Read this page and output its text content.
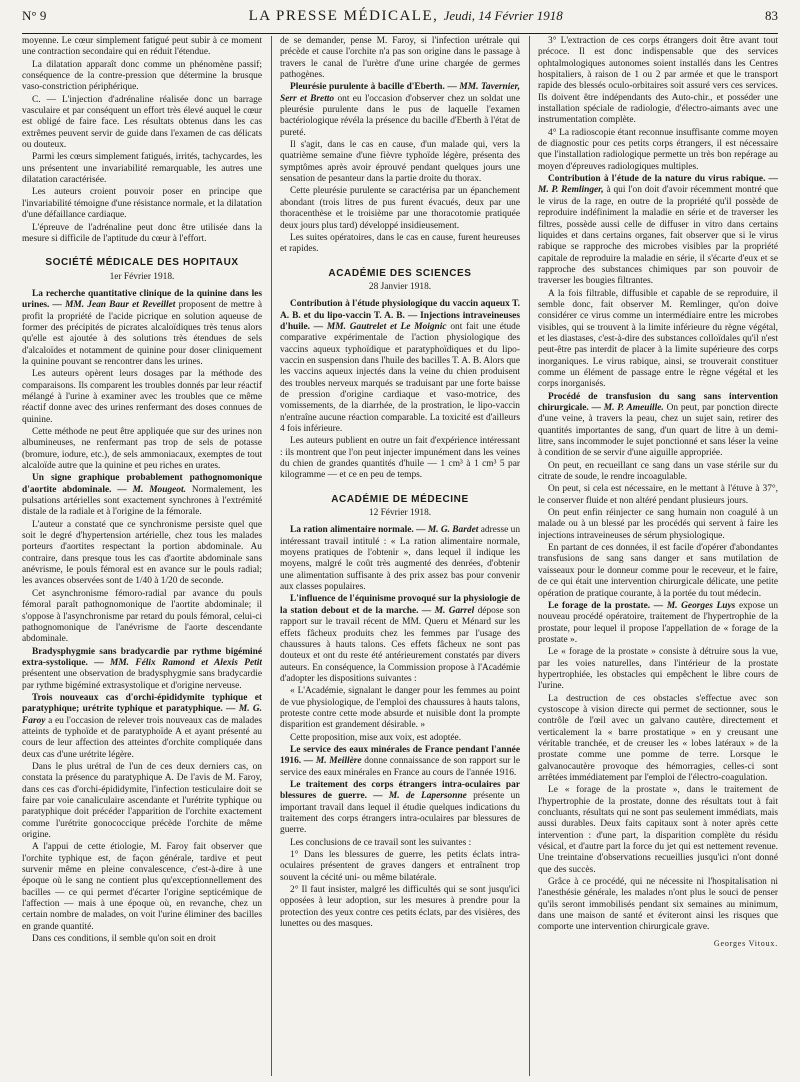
N° 9	LA PRESSE MÉDICALE, Jeudi, 14 Février 1918	83

moyenne. Le cœur simplement fatigué peut subir à ce moment une contraction secondaire qui en réduit l'étendue.

La dilatation apparaît donc comme un phénomène passif; conséquence de la contre-pression que détermine la brusque vaso-constriction périphérique.

C. — L'injection d'adrénaline réalisée donc un barrage vasculaire et par conséquent un effort très élevé auquel le cœur est obligé de faire face. Les résultats obtenus dans les cas extrêmes peuvent servir de guide dans l'examen de cas délicats ou douteux.

Parmi les cœurs simplement fatigués, irrités, tachycardes, les uns présentent une invariabilité remarquable, les autres une dilatation caractérisée.

Les auteurs croient pouvoir poser en principe que l'invariabilité témoigne d'une résistance normale, et la dilatation d'une défaillance cardiaque.

L'épreuve de l'adrénaline peut donc être utilisée dans la mesure si difficile de l'aptitude du cœur à l'effort.

SOCIÉTÉ MÉDICALE DES HOPITAUX
1er Février 1918.

La recherche quantitative clinique de la quinine dans les urines. — MM. Jean Baur et Reveillet proposent de mettre à profit la propriété de l'acide picrique en solution aqueuse de former des précipités de picrates alcaloïdiques très tenus alors qu'elle est ajoutée à des solutions très étendues de sels d'alcaloïdes et notamment de quinine pour doser cliniquement la quinine pouvant se rencontrer dans les urines.

Les auteurs opèrent leurs dosages par la méthode des comparaisons. Ils comparent les troubles donnés par leur réactif mélangé à l'urine à examiner avec les troubles que ce même réactif donne avec des urines renfermant des doses connues de quinine.

Cette méthode ne peut être appliquée que sur des urines non albumineuses, ne renfermant pas trop de sels de potasse (bromure, iodure, etc.), de sels ammoniacaux, exemptes de tout alcaloïde autre que la quinine et peu riches en urates.

Un signe graphique probablement pathognomonique d'aortite abdominale. — M. Mougeot. Normalement, les pulsations artérielles sont exactement synchrones à l'extrémité distale de la radiale et à l'origine de la fémorale.

L'auteur a constaté que ce synchronisme persiste quel que soit le degré d'hypertension artérielle, chez tous les malades porteurs d'aortites respectant la portion abdominale. Au contraire, dans presque tous les cas d'aortite abdominale sans anévrisme, le pouls fémoral est en avance sur le pouls radial; les avances observées sont de 1/40 à 1/20 de seconde.

Cet asynchronisme fémoro-radial par avance du pouls fémoral paraît pathognomonique de l'aortite abdominale; il s'oppose à l'asynchronisme par retard du pouls fémoral, celui-ci pathognomonique de l'anévrisme de l'aorte descendante abdominale.

Bradysphygmie sans bradycardie par rythme bigéminé extra-systolique. — MM. Félix Ramond et Alexis Petit présentent une observation de bradysphygmie sans bradycardie par rythme bigéminé extrasystolique et d'origine nerveuse.

Trois nouveaux cas d'orchi-épididymite typhique et paratyphique; urétrite typhique et paratyphique. — M. G. Faroy a eu l'occasion de relever trois nouveaux cas de malades atteints de typhoïde et de paratyphoïde A et ayant présenté au cours de leur affection des atteintes d'orchite compliquée dans deux cas d'une urétrite légère.

Dans le plus urétral de l'un de ces deux derniers cas, on constata la présence du paratyphique A. De l'avis de M. Faroy, dans ces cas d'orchi-épididymite, l'infection testiculaire doit se faire par voie canaliculaire ascendante et l'urétrite typhique ou paratyphique doit précéder l'apparition de l'orchite exactement comme l'urétrite gonococcique précède l'orchite de même origine.

A l'appui de cette étiologie, M. Faroy fait observer que l'orchite typhique est, de façon générale, tardive et peut survenir même en pleine convalescence, c'est-à-dire à une époque où le sang ne contient plus qu'exceptionnellement des bacilles — ce qui permet d'écarter l'origine septicémique de l'affection — mais à une époque où, en revanche, chez un certain nombre de malades, on voit l'urine éliminer des bacilles en grande quantité.

Dans ces conditions, il semble qu'on soit en droit

de se demander, pense M. Faroy, si l'infection urétrale qui précède et cause l'orchite n'a pas son origine dans le passage à travers le canal de l'urètre d'une urine chargée de germes pathogènes.

Pleurésie purulente à bacille d'Eberth. — MM. Tavernier, Serr et Bretto ont eu l'occasion d'observer chez un soldat une pleurésie purulente dans le pus de laquelle l'examen bactériologique révéla la présence du bacille d'Eberth à l'état de pureté.

Il s'agit, dans le cas en cause, d'un malade qui, vers la quatrième semaine d'une fièvre typhoïde légère, présenta des symptômes après avoir éprouvé pendant quelques jours une sensation de pesanteur dans la partie droite du thorax.

Cette pleurésie purulente se caractérisa par un épanchement abondant (trois litres de pus furent évacués, deux par une thoracenthèse et le troisième par une thoracotomie pratiquée deux jours plus tard) développé insidieusement.

Les suites opératoires, dans le cas en cause, furent heureuses et rapides.

ACADÉMIE DES SCIENCES
28 Janvier 1918.

Contribution à l'étude physiologique du vaccin aqueux T. A. B. et du lipo-vaccin T. A. B. — Injections intraveineuses d'huile. — MM. Gautrelet et Le Moignic ont fait une étude comparative expérimentale de l'action physiologique des vaccins aqueux typhoïdique et paratyphoïdiques et du lipo-vaccin en suspension dans l'huile des bacilles T. A. B. Alors que les vaccins aqueux injectés dans la veine du chien produisent des troubles nerveux marqués se traduisant par une forte baisse de pression d'origine cardiaque et vaso-motrice, des vomissements, de la diarrhée, de la prostration, le lipo-vaccin n'entraîne aucune réaction comparable. La toxicité est d'ailleurs 4 fois inférieure.

Les auteurs publient en outre un fait d'expérience intéressant : ils montrent que l'on peut injecter impunément dans les veines du chien de grandes quantités d'huile — 1 cm³ à 1 cm³ 5 par kilogramme — et ce en peu de temps.

ACADÉMIE DE MÉDECINE
12 Février 1918.

La ration alimentaire normale. — M. G. Bardet adresse un intéressant travail intitulé : « La ration alimentaire normale, moyens pratiques de l'obtenir », dans lequel il indique les moyens, malgré le coût très augmenté des denrées, d'obtenir une alimentation suffisante à des prix assez bas pour convenir aux classes populaires.

L'influence de l'équinisme provoqué sur la physiologie de la station debout et de la marche. — M. Garrel dépose son rapport sur le travail récent de MM. Queru et Ménard sur les effets fâcheux produits chez les femmes par l'usage des chaussures à hauts talons. Ces effets fâcheux ne sont pas douteux et ont du reste été antérieurement constatés par divers auteurs. En conséquence, la Commission propose à l'Académie d'adopter les dispositions suivantes :

« L'Académie, signalant le danger pour les femmes au point de vue physiologique, de l'emploi des chaussures à hauts talons, proteste contre cette mode absurde et nuisible dont la prompte disparition est grandement désirable. »

Cette proposition, mise aux voix, est adoptée.

Le service des eaux minérales de France pendant l'année 1916. — M. Meillère donne connaissance de son rapport sur le service des eaux minérales en France au cours de l'année 1916.

Le traitement des corps étrangers intra-oculaires par blessures de guerre. — M. de Lapersonne présente un important travail dans lequel il étudie quelques indications du traitement des corps étrangers intra-oculaires par blessures de guerre.

Les conclusions de ce travail sont les suivantes :

1° Dans les blessures de guerre, les petits éclats intra-oculaires présentent de graves dangers et entraînent trop souvent la cécité uni- ou même bilatérale.

2° Il faut insister, malgré les difficultés qui se sont jusqu'ici opposées à leur adoption, sur les mesures à prendre pour la protection des yeux contre ces petits éclats, par des visières, des lunettes ou des masques.

3° L'extraction de ces corps étrangers doit être avant tout précoce. Il est donc indispensable que des services ophtalmologiques autonomes soient installés dans les Centres hospitaliers, à raison de 1 ou 2 par armée et que le transport rapide des blessés oculo-orbitaires soit assuré vers ces services. Ils doivent être indépendants des Auto-chir., et posséder une installation spéciale de radiologie, d'électro-aimants avec une instrumentation complète.

4° La radioscopie étant reconnue insuffisante comme moyen de diagnostic pour ces petits corps étrangers, il est nécessaire que l'installation radiologique permette un très bon repérage au moyen d'épreuves radiologiques multiples.

Contribution à l'étude de la nature du virus rabique. — M. P. Remlinger, à qui l'on doit d'avoir récemment montré que le virus de la rage, en outre de la propriété qu'il possède de reproduire indéfiniment la maladie en série et de traverser les filtres, possède aussi celle de diffuser in vitro dans certains liquides et dans certains organes, fait observer que si le virus rabique se rapproche des microbes visibles par la propriété capitale de reproduire la maladie en série, il s'écarte d'eux et se rapproche des substances chimiques par son pouvoir de traverser les bougies filtrantes.

A la fois filtrable, diffusible et capable de se reproduire, il semble donc, fait observer M. Remlinger, qu'on doive considérer ce virus comme un intermédiaire entre les microbes visibles, qui se trouvent à la limite inférieure du règne végétal, et les diastases, c'est-à-dire des substances colloïdales qu'il n'est peut-être pas interdit de placer à la limite supérieure des corps inorganiques. Le virus rabique, ainsi, se trouverait constituer comme un élément de passage entre le règne végétal et les corps inorganisés.

Procédé de transfusion du sang sans intervention chirurgicale. — M. P. Ameuille. On peut, par ponction directe d'une veine, à travers la peau, chez un sujet sain, retirer des quantités importantes de sang, d'un quart de litre à un demi-litre, sans incommoder le sujet ponctionné et sans léser la veine à condition de se servir d'une aiguille appropriée.

On peut, en recueillant ce sang dans un vase stérile sur du citrate de soude, le rendre incoagulable.

On peut, si cela est nécessaire, en le mettant à l'étuve à 37°, le conserver fluide et non altéré pendant plusieurs jours.

On peut enfin réinjecter ce sang humain non coagulé à un malade ou à un blessé par les procédés qui servent à faire les injections intraveineuses de sérum physiologique.

En partant de ces données, il est facile d'opérer d'abondantes transfusions de sang sans danger et sans mutilation de vaisseaux pour le donneur comme pour le receveur, et le faire, de ce qui était une intervention chirurgicale délicate, une petite opération de pratique courante, à la portée du tout médecin.

Le forage de la prostate. — M. Georges Luys expose un nouveau procédé opératoire, traitement de l'hypertrophie de la prostate, pour lequel il propose l'appellation de « forage de la prostate ».

Le « forage de la prostate » consiste à détruire sous la vue, par les voies naturelles, dans l'intérieur de la prostate hypertrophiée, les obstacles qui empêchent le libre cours de l'urine.

La destruction de ces obstacles s'effectue avec son cystoscope à vision directe qui permet de sectionner, sous le contrôle de l'œil avec un galvano cautère, directement et verticalement la « barre prostatique » en y creusant une véritable tranchée, et de creuser les « lobes latéraux » de la prostate comme une pomme de terre. Lorsque le galvanocautère provoque des hémorragies, celles-ci sont arrêtées immédiatement par l'emploi de l'électro-coagulation.

Le « forage de la prostate », dans le traitement de l'hypertrophie de la prostate, donne des résultats tout à fait concluants, résultats qui ne sont pas seulement immédiats, mais aussi durables. Deux faits capitaux sont à noter après cette intervention : d'une part, la disparition complète du résidu vésical, et d'autre part la force du jet qui est nettement revenue. Une treintaine d'observations recueillies jusqu'ici n'ont donné que des succès.

Grâce à ce procédé, qui ne nécessite ni l'hospitalisation ni l'anesthésie générale, les malades n'ont plus le souci de penser qu'ils seront immobilisés pendant six semaines au minimum, dans une maison de santé et éviteront ainsi les risques que comporte une intervention chirurgicale grave.

Georges Vitoux.
